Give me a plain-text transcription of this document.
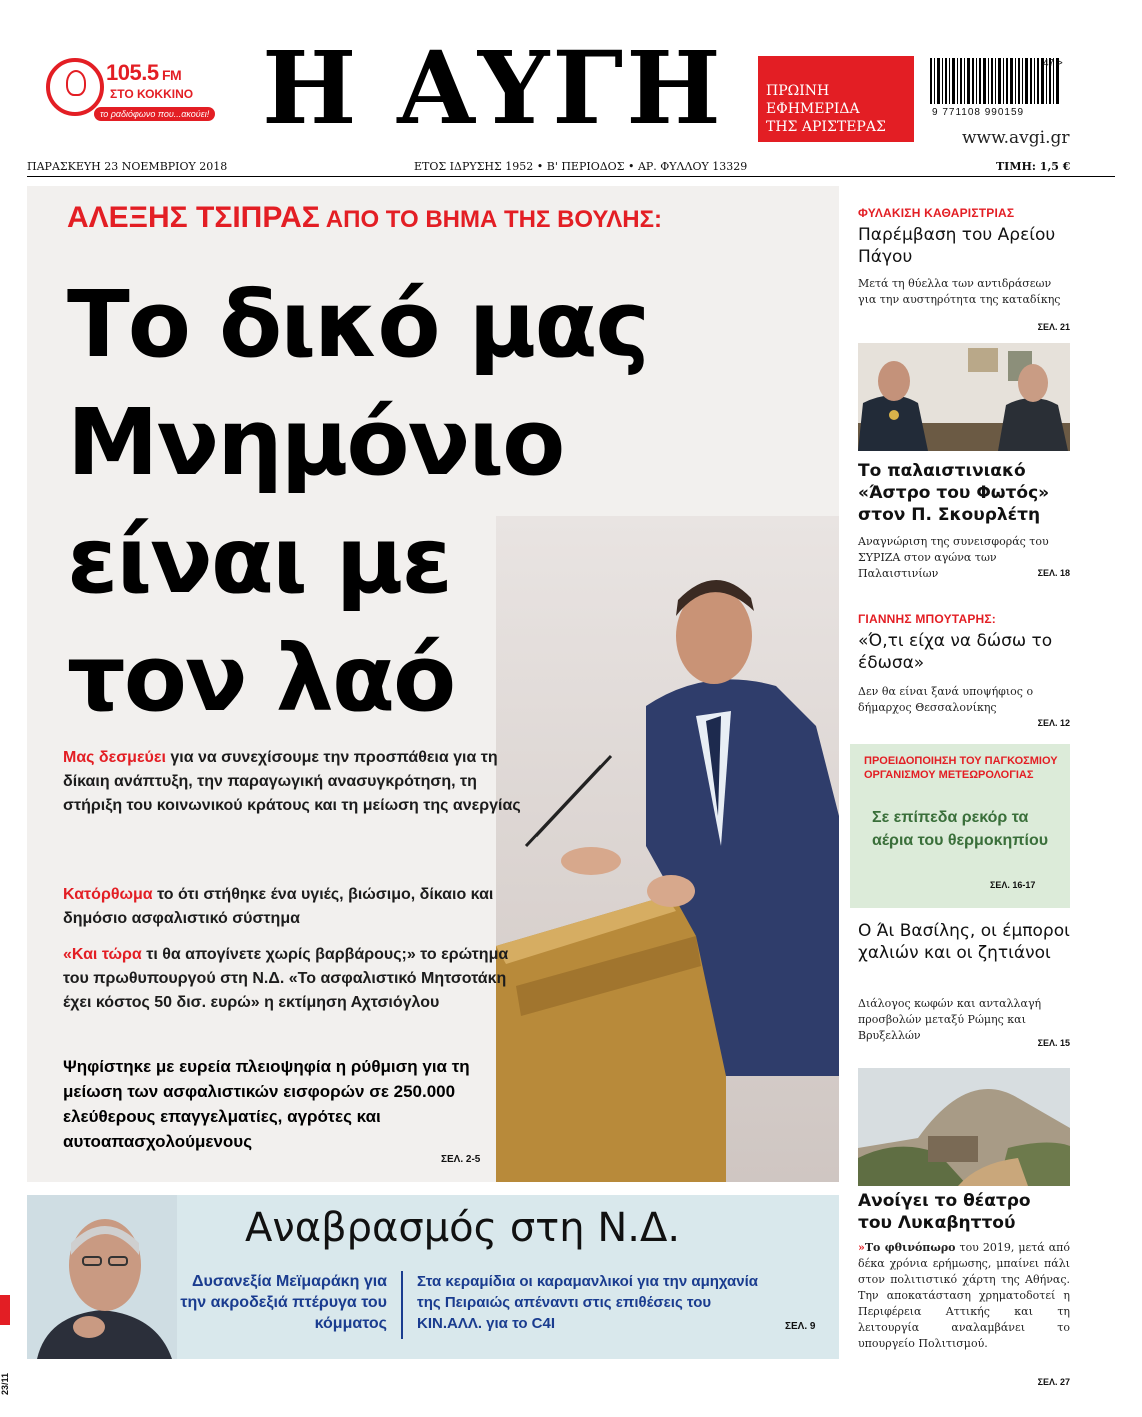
105.5 FM
ΣΤΟ ΚΟΚΚΙΝΟ
το ραδιόφωνο που...ακούει! Η ΑΥΓΗ	ΠΡΩΙΝΗ
ΕΦΗΜΕΡΙΔΑ
ΤΗΣ ΑΡΙΣΤΕΡΑΣ
47 >
9 771108 990159
www.avgi.gr
ΠΑΡΑΣΚΕΥΗ 23 ΝΟΕΜΒΡΙΟΥ 2018	ΕΤΟΣ ΙΔΡΥΣΗΣ 1952 • Β' ΠΕΡΙΟΔΟΣ • ΑΡ. ΦΥΛΛΟΥ 13329	ΤΙΜΗ: 1,5 €
ΑΛΕΞΗΣ ΤΣΙΠΡΑΣ ΑΠΟ ΤΟ ΒΗΜΑ ΤΗΣ ΒΟΥΛΗΣ:
Το δικό μας
Μνημόνιο
είναι με
τον λαό
Μας δεσμεύει για να συνεχίσουμε την προσπάθεια για τη δίκαιη ανάπτυξη, την παραγωγική ανασυγκρότηση, τη στήριξη του κοινωνικού κράτους και τη μείωση της ανεργίας
Κατόρθωμα το ότι στήθηκε ένα υγιές, βιώσιμο, δίκαιο και δημόσιο ασφαλιστικό σύστημα
«Και τώρα τι θα απογίνετε χωρίς βαρβάρους;» το ερώτημα του πρωθυπουργού στη Ν.Δ. «Το ασφαλιστικό Μητσοτάκη έχει κόστος 50 δισ. ευρώ» η εκτίμηση Αχτσιόγλου
Ψηφίστηκε με ευρεία πλειοψηφία η ρύθμιση για τη μείωση των ασφαλιστικών εισφορών σε 250.000 ελεύθερους επαγγελματίες, αγρότες και αυτοαπασχολούμενους
ΣΕΛ. 2-5
Αναβρασμός στη Ν.Δ.
Δυσανεξία Μεϊμαράκη για την ακροδεξιά πτέρυγα του κόμματος
Στα κεραμίδια οι καραμανλικοί για την αμηχανία της Πειραιώς απέναντι στις επιθέσεις του ΚΙΝ.ΑΛΛ. για το C4I	ΣΕΛ. 9
23/11
ΦΥΛΑΚΙΣΗ ΚΑΘΑΡΙΣΤΡΙΑΣ
Παρέμβαση του Αρείου Πάγου
Μετά τη θύελλα των αντιδράσεων για την αυστηρότητα της καταδίκης
ΣΕΛ. 21
Το παλαιστινιακό «Άστρο του Φωτός» στον Π. Σκουρλέτη
Αναγνώριση της συνεισφοράς του ΣΥΡΙΖΑ στον αγώνα των Παλαιστινίων	ΣΕΛ. 18
ΓΙΑΝΝΗΣ ΜΠΟΥΤΑΡΗΣ:
«Ό,τι είχα να δώσω το έδωσα»
Δεν θα είναι ξανά υποψήφιος ο δήμαρχος Θεσσαλονίκης
ΣΕΛ. 12
ΠΡΟΕΙΔΟΠΟΙΗΣΗ ΤΟΥ ΠΑΓΚΟΣΜΙΟΥ ΟΡΓΑΝΙΣΜΟΥ ΜΕΤΕΩΡΟΛΟΓΙΑΣ
Σε επίπεδα ρεκόρ τα αέρια του θερμοκηπίου
ΣΕΛ. 16-17
Ο Άι Βασίλης, οι έμποροι χαλιών και οι ζητιάνοι
Διάλογος κωφών και ανταλλαγή προσβολών μεταξύ Ρώμης και Βρυξελλών
ΣΕΛ. 15
Ανοίγει το θέατρο του Λυκαβηττού
»Το φθινόπωρο του 2019, μετά από δέκα χρόνια ερήμωσης, μπαίνει πάλι στον πολιτιστικό χάρτη της Αθήνας. Την αποκατάσταση χρηματοδοτεί η Περιφέρεια Αττικής και τη λειτουργία αναλαμβάνει το υπουργείο Πολιτισμού.
ΣΕΛ. 27
